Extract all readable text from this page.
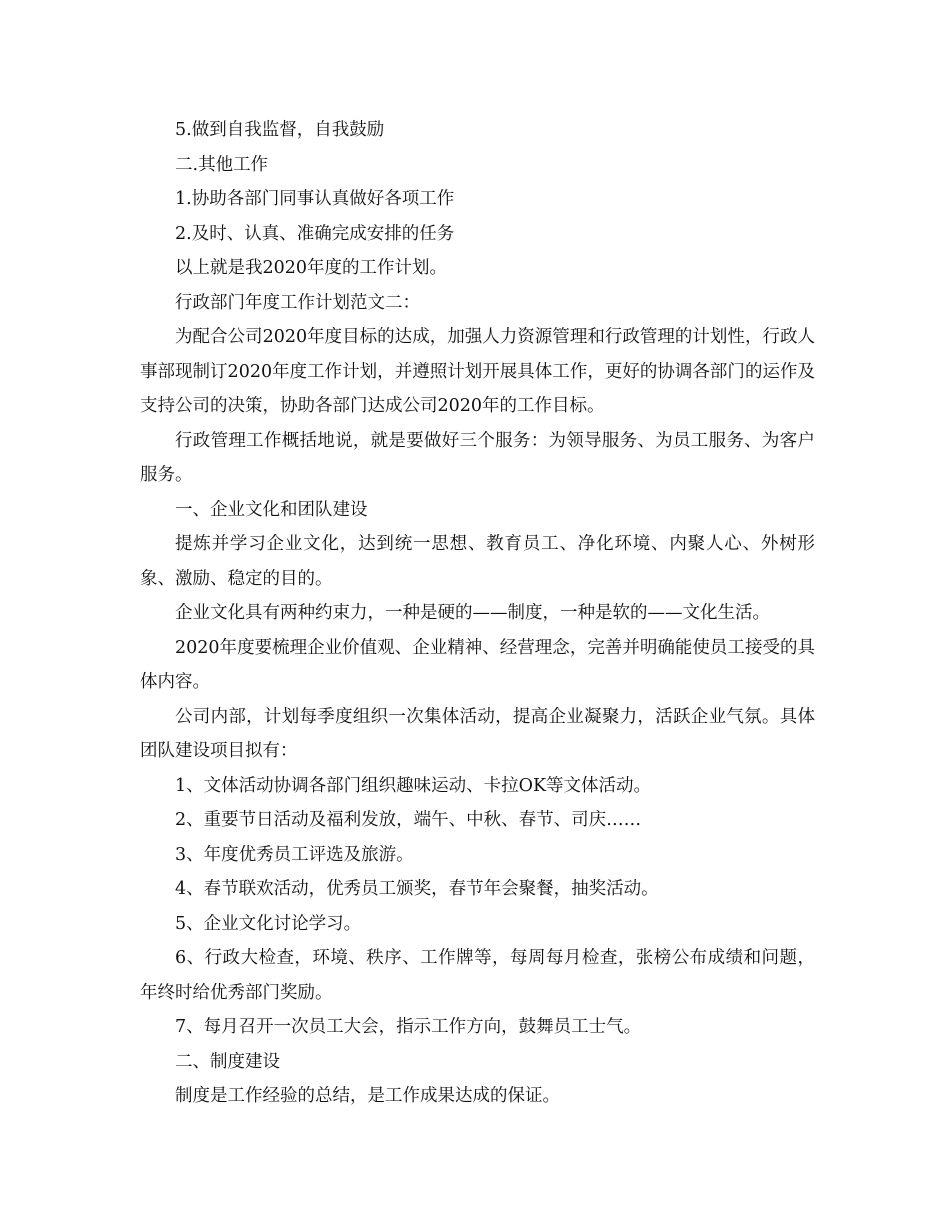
5.做到自我监督，自我鼓励

二.其他工作

1.协助各部门同事认真做好各项工作

2.及时、认真、准确完成安排的任务

以上就是我2020年度的工作计划。

行政部门年度工作计划范文二：

为配合公司2020年度目标的达成，加强人力资源管理和行政管理的计划性，行政人事部现制订2020年度工作计划，并遵照计划开展具体工作，更好的协调各部门的运作及支持公司的决策，协助各部门达成公司2020年的工作目标。

行政管理工作概括地说，就是要做好三个服务：为领导服务、为员工服务、为客户服务。

一、企业文化和团队建设

提炼并学习企业文化，达到统一思想、教育员工、净化环境、内聚人心、外树形象、激励、稳定的目的。

企业文化具有两种约束力，一种是硬的——制度，一种是软的——文化生活。

2020年度要梳理企业价值观、企业精神、经营理念，完善并明确能使员工接受的具体内容。

公司内部，计划每季度组织一次集体活动，提高企业凝聚力，活跃企业气氛。具体团队建设项目拟有：

1、文体活动协调各部门组织趣味运动、卡拉OK等文体活动。

2、重要节日活动及福利发放，端午、中秋、春节、司庆……

3、年度优秀员工评选及旅游。

4、春节联欢活动，优秀员工颁奖，春节年会聚餐，抽奖活动。

5、企业文化讨论学习。

6、行政大检查，环境、秩序、工作牌等，每周每月检查，张榜公布成绩和问题，年终时给优秀部门奖励。

7、每月召开一次员工大会，指示工作方向，鼓舞员工士气。

二、制度建设

制度是工作经验的总结，是工作成果达成的保证。
